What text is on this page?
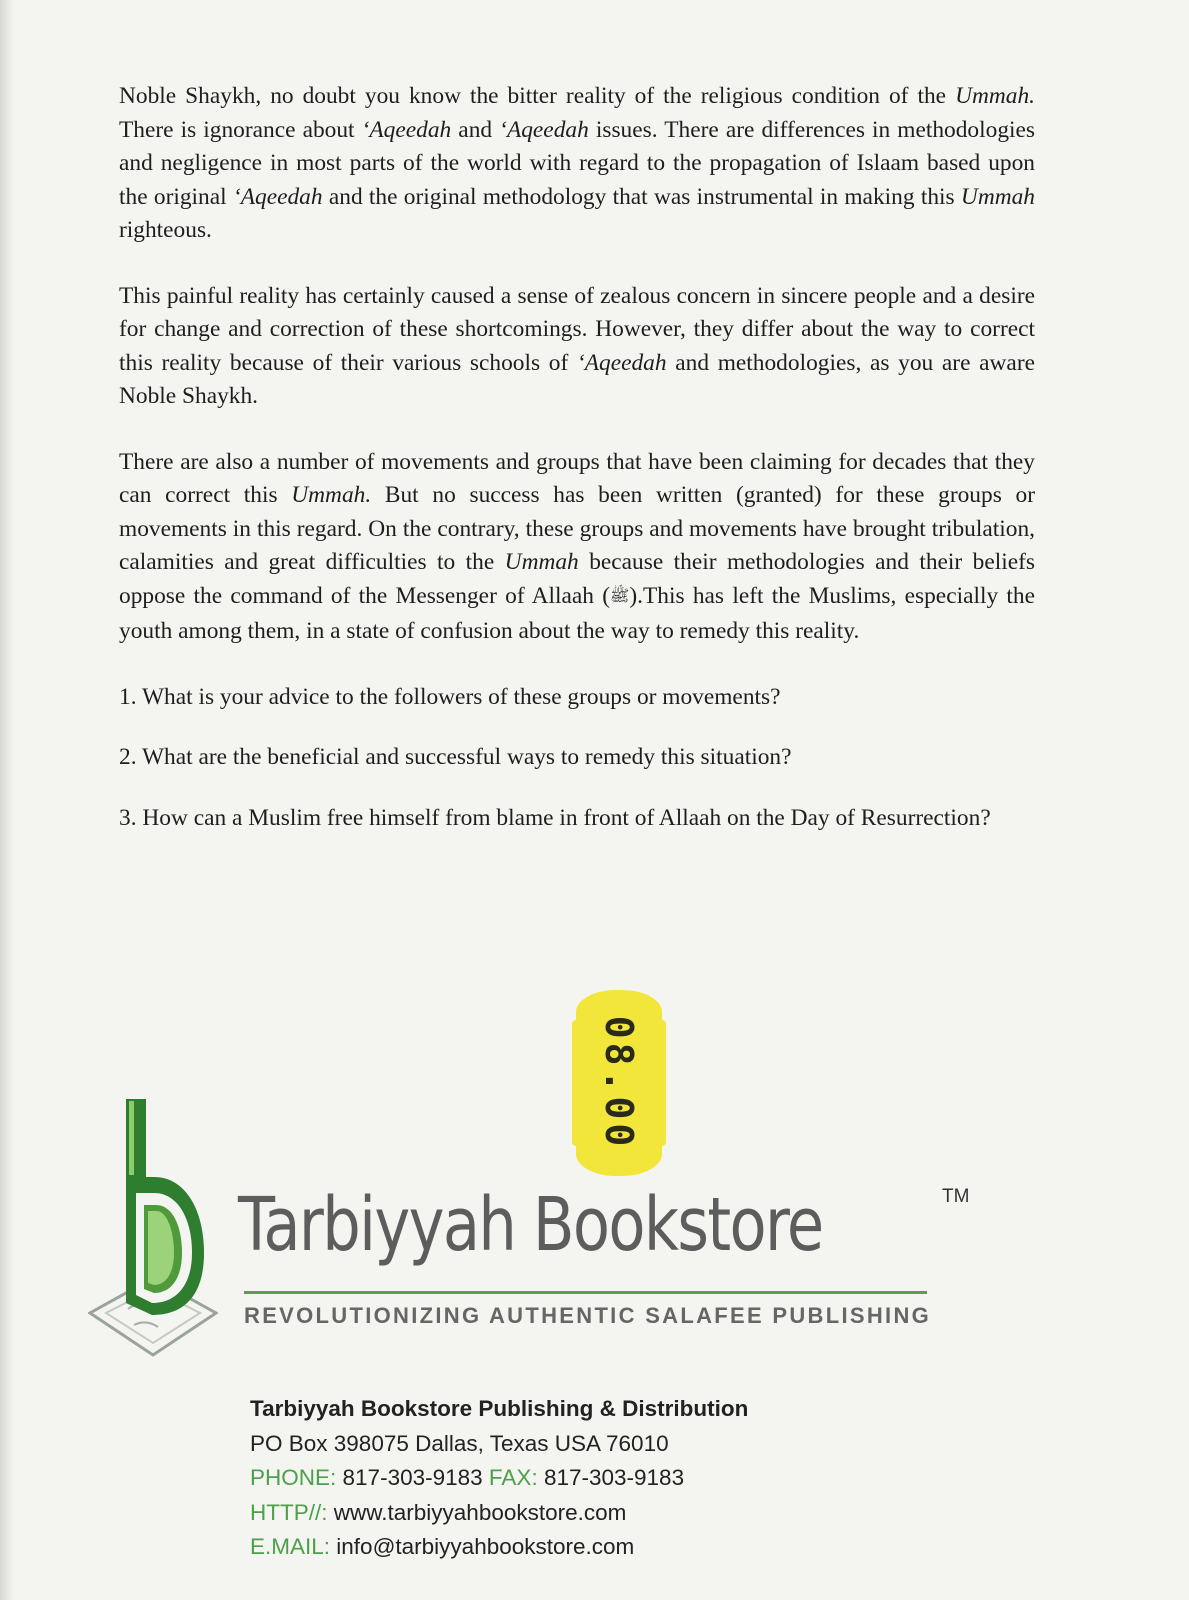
Noble Shaykh, no doubt you know the bitter reality of the religious condition of the Ummah. There is ignorance about ‘Aqeedah and ‘Aqeedah issues. There are differences in methodologies and negligence in most parts of the world with regard to the propagation of Islaam based upon the original ‘Aqeedah and the original methodology that was instrumental in making this Ummah righteous.

This painful reality has certainly caused a sense of zealous concern in sincere people and a desire for change and correction of these shortcomings. However, they differ about the way to correct this reality because of their various schools of ‘Aqeedah and methodologies, as you are aware Noble Shaykh.

There are also a number of movements and groups that have been claiming for decades that they can correct this Ummah. But no success has been written (granted) for these groups or movements in this regard. On the contrary, these groups and movements have brought tribulation, calamities and great difficulties to the Ummah because their methodologies and their beliefs oppose the command of the Messenger of Allaah (ﷺ).This has left the Muslims, especially the youth among them, in a state of confusion about the way to remedy this reality.

1. What is your advice to the followers of these groups or movements?

2. What are the beneficial and successful ways to remedy this situation?

3. How can a Muslim free himself from blame in front of Allaah on the Day of Resurrection?

08.00
Tarbiyyah Bookstore	TM
REVOLUTIONIZING AUTHENTIC SALAFEE PUBLISHING
Tarbiyyah Bookstore Publishing & Distribution
PO Box 398075 Dallas, Texas USA 76010
PHONE: 817-303-9183 FAX: 817-303-9183
HTTP//: www.tarbiyyahbookstore.com
E.MAIL: info@tarbiyyahbookstore.com
